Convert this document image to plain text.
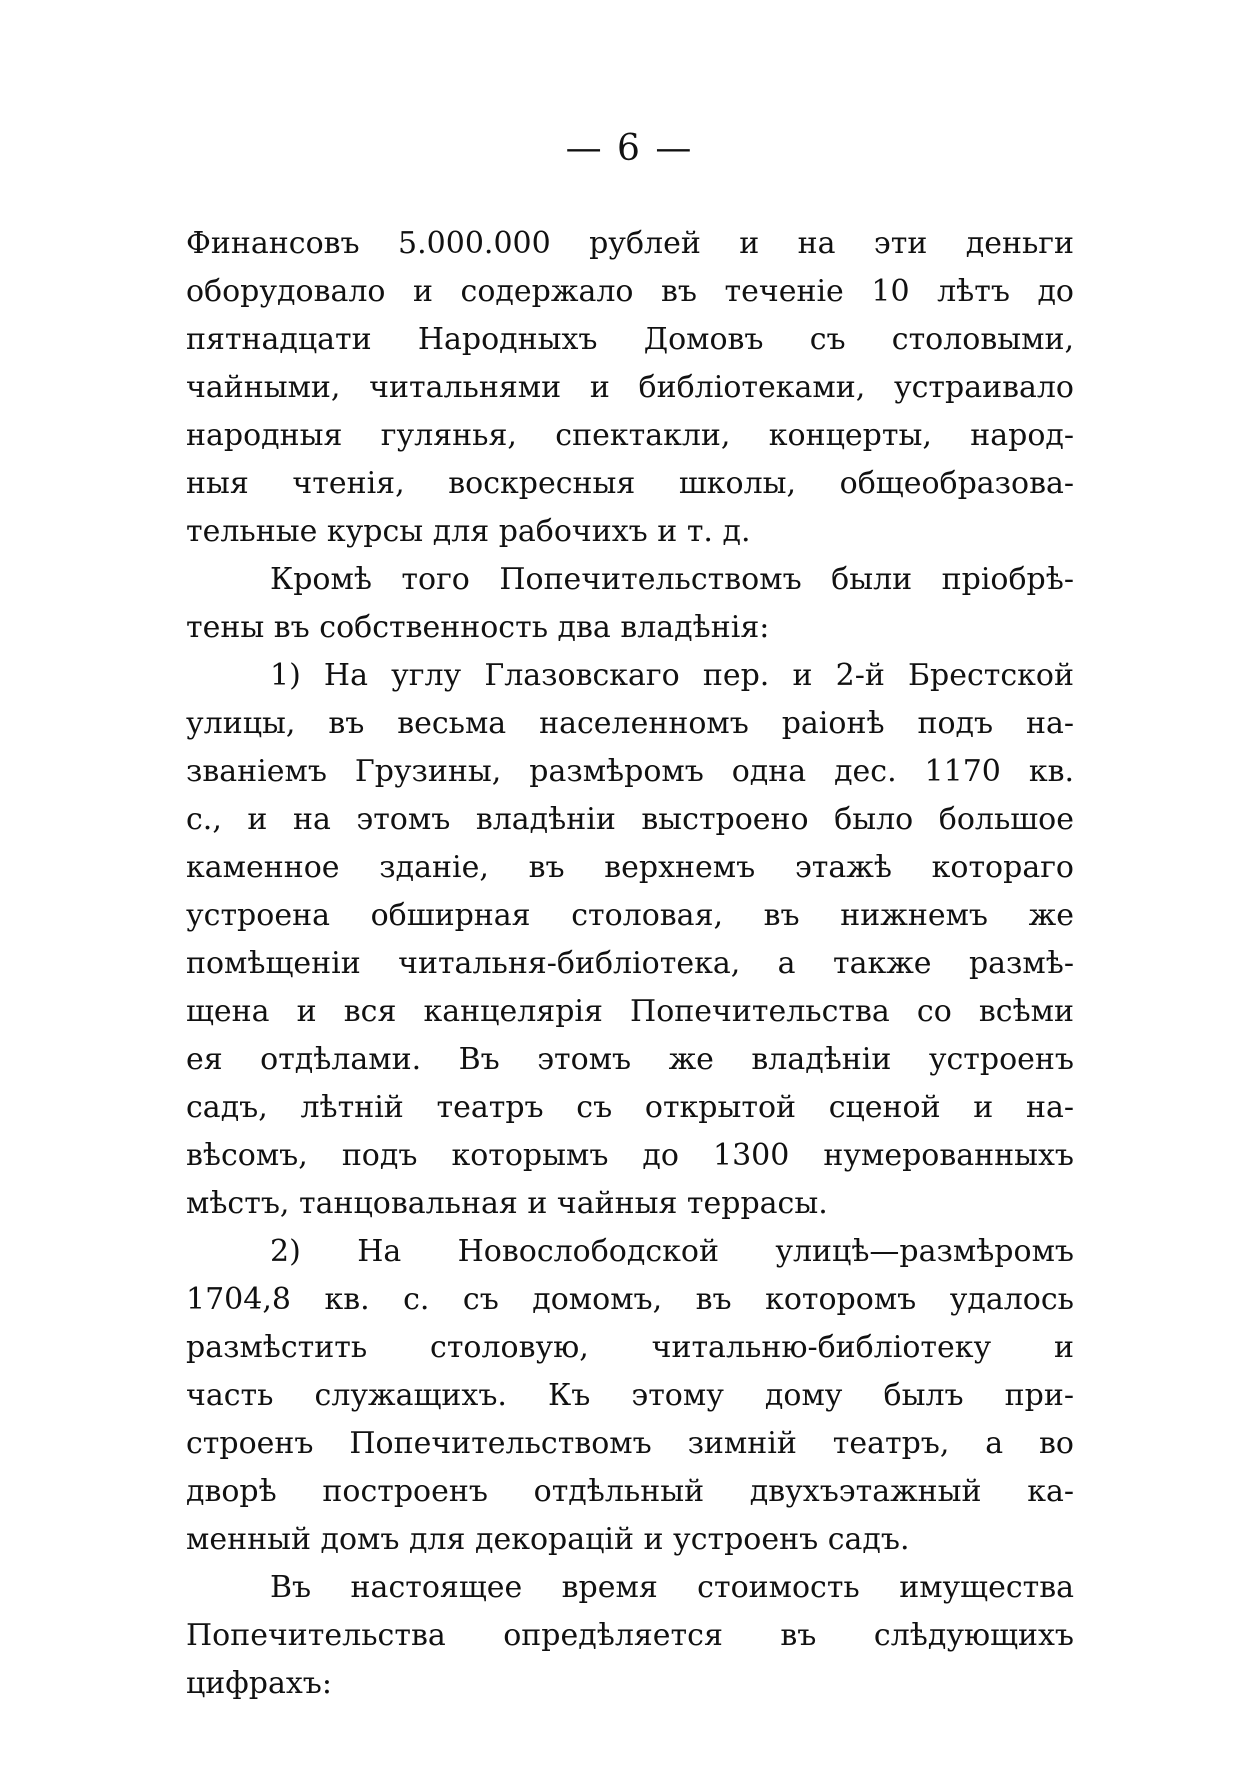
— 6 —
Финансовъ 5.000.000 рублей и на эти деньги
оборудовало и содержало въ теченіе 10 лѣтъ до
пятнадцати Народныхъ Домовъ съ столовыми,
чайными, читальнями и библіотеками, устраивало
народныя гулянья, спектакли, концерты, народ-
ныя чтенія, воскресныя школы, общеобразова-
тельные курсы для рабочихъ и т. д.
Кромѣ того Попечительствомъ были пріобрѣ-
тены въ собственность два владѣнія:
1) На углу Глазовскаго пер. и 2-й Брестской
улицы, въ весьма населенномъ раіонѣ подъ на-
званіемъ Грузины, размѣромъ одна дес. 1170 кв.
с., и на этомъ владѣніи выстроено было большое
каменное зданіе, въ верхнемъ этажѣ котораго
устроена обширная столовая, въ нижнемъ же
помѣщеніи читальня-библіотека, а также размѣ-
щена и вся канцелярія Попечительства со всѣми
ея отдѣлами. Въ этомъ же владѣніи устроенъ
садъ, лѣтній театръ съ открытой сценой и на-
вѣсомъ, подъ которымъ до 1300 нумерованныхъ
мѣстъ, танцовальная и чайныя террасы.
2) На Новослободской улицѣ—размѣромъ
1704,8 кв. с. съ домомъ, въ которомъ удалось
размѣстить столовую, читальню-библіотеку и
часть служащихъ. Къ этому дому былъ при-
строенъ Попечительствомъ зимній театръ, а во
дворѣ построенъ отдѣльный двухъэтажный ка-
менный домъ для декорацій и устроенъ садъ.
Въ настоящее время стоимость имущества
Попечительства опредѣляется въ слѣдующихъ
цифрахъ:
